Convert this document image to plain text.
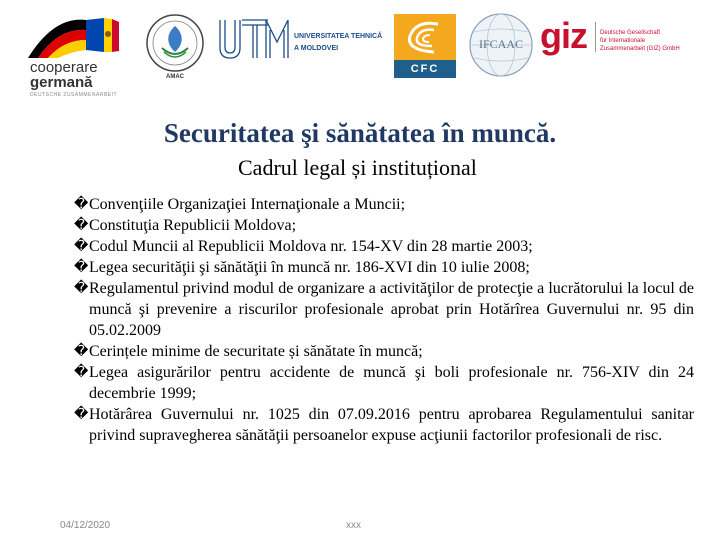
cooperare
germană
DEUTSCHE ZUSAMMENARBEIT
AMAC
UNIVERSITATEA TEHNICĂ
A MOLDOVEI
CFC
IFCAAC giz Deutsche Gesellschaft
für Internationale
Zusammenarbeit (GIZ) GmbH
Securitatea şi sănătatea în muncă.
Cadrul legal și instituțional
� Convenţiile Organizaţiei Internaţionale a Muncii;
� Constituţia Republicii Moldova;
� Codul Muncii al Republicii Moldova nr. 154-XV din 28 martie 2003;
� Legea securităţii şi sănătăţii în muncă nr. 186-XVI din 10 iulie 2008;
� Regulamentul privind modul de organizare a activităţilor de protecţie a lucrătorului la locul de muncă şi prevenire a riscurilor profesionale aprobat prin Hotărîrea Guvernului nr. 95 din 05.02.2009
� Cerințele minime de securitate și sănătate în muncă;
� Legea asigurărilor pentru accidente de muncă şi boli profesionale nr. 756-XIV din 24 decembrie 1999;
� Hotărârea Guvernului nr. 1025 din 07.09.2016 pentru aprobarea Regulamentului sanitar privind supravegherea sănătăţii persoanelor expuse acţiunii factorilor profesionali de risc.
04/12/2020	xxx
